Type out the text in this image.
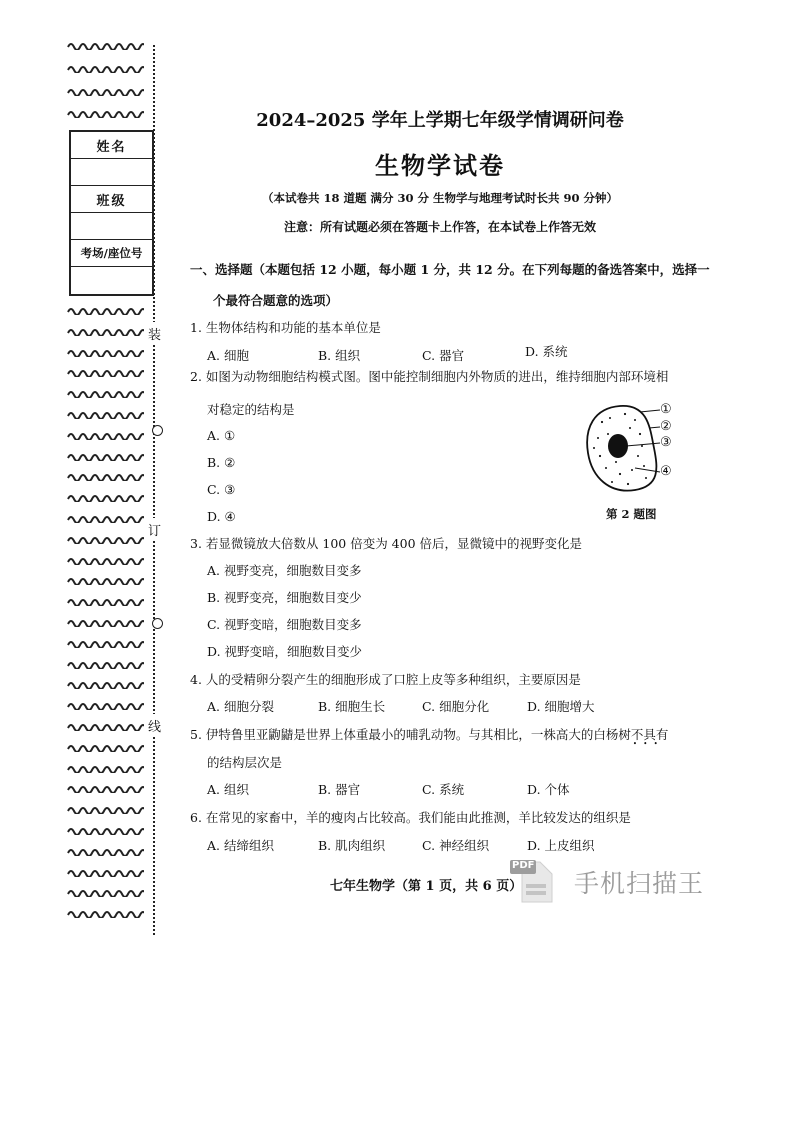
姓名
班级
考场/座位号
装
订
线
2024–2025 学年上学期七年级学情调研问卷
生物学试卷
（本试卷共 18 道题 满分 30 分 生物学与地理考试时长共 90 分钟）
注意：所有试题必须在答题卡上作答，在本试卷上作答无效
一、选择题（本题包括 12 小题，每小题 1 分，共 12 分。在下列每题的备选答案中，选择一
个最符合题意的选项）
1. 生物体结构和功能的基本单位是
A. 细胞	B. 组织	C. 器官	D. 系统
2. 如图为动物细胞结构模式图。图中能控制细胞内外物质的进出，维持细胞内部环境相
对稳定的结构是
A. ①
B. ②
C. ③
D. ④
①
②
③
④
第 2 题图
3. 若显微镜放大倍数从 100 倍变为 400 倍后，显微镜中的视野变化是
A. 视野变亮，细胞数目变多
B. 视野变亮，细胞数目变少
C. 视野变暗，细胞数目变多
D. 视野变暗，细胞数目变少
4. 人的受精卵分裂产生的细胞形成了口腔上皮等多种组织，主要原因是
A. 细胞分裂	B. 细胞生长	C. 细胞分化	D. 细胞增大
5. 伊特鲁里亚鼩鼱是世界上体重最小的哺乳动物。与其相比，一株高大的白杨树不具有 • • •
的结构层次是
A. 组织	B. 器官	C. 系统	D. 个体
6. 在常见的家畜中，羊的瘦肉占比较高。我们能由此推测，羊比较发达的组织是
A. 结缔组织	B. 肌肉组织	C. 神经组织	D. 上皮组织
七年生物学（第 1 页，共 6 页）
PDF
手机扫描王
